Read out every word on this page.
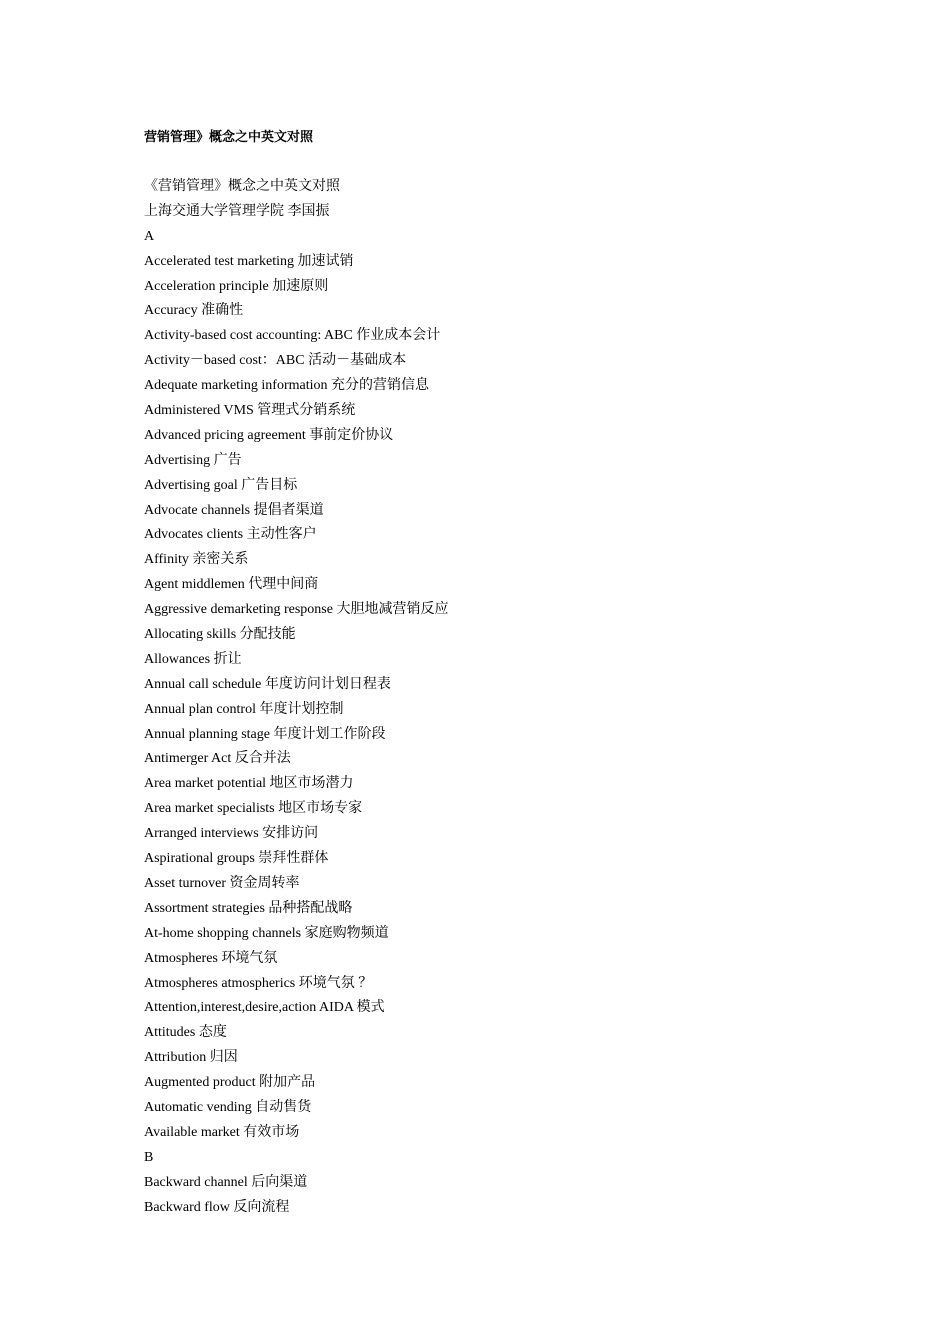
营销管理》概念之中英文对照
《营销管理》概念之中英文对照
上海交通大学管理学院 李国振
A
Accelerated test marketing 加速试销
Acceleration principle 加速原则
Accuracy 准确性
Activity-based cost accounting: ABC 作业成本会计
Activity－based cost：ABC 活动－基础成本
Adequate marketing information 充分的营销信息
Administered VMS 管理式分销系统
Advanced pricing agreement 事前定价协议
Advertising 广告
Advertising goal 广告目标
Advocate channels 提倡者渠道
Advocates clients 主动性客户
Affinity 亲密关系
Agent middlemen 代理中间商
Aggressive demarketing response 大胆地减营销反应
Allocating skills 分配技能
Allowances 折让
Annual call schedule 年度访问计划日程表
Annual plan control 年度计划控制
Annual planning stage 年度计划工作阶段
Antimerger Act 反合并法
Area market potential 地区市场潜力
Area market specialists 地区市场专家
Arranged interviews 安排访问
Aspirational groups 崇拜性群体
Asset turnover 资金周转率
Assortment strategies 品种搭配战略
At-home shopping channels 家庭购物频道
Atmospheres 环境气氛
Atmospheres atmospherics 环境气氛 ？
Attention,interest,desire,action AIDA 模式
Attitudes 态度
Attribution 归因
Augmented product 附加产品
Automatic vending 自动售货
Available market 有效市场
B
Backward channel 后向渠道
Backward flow 反向流程
